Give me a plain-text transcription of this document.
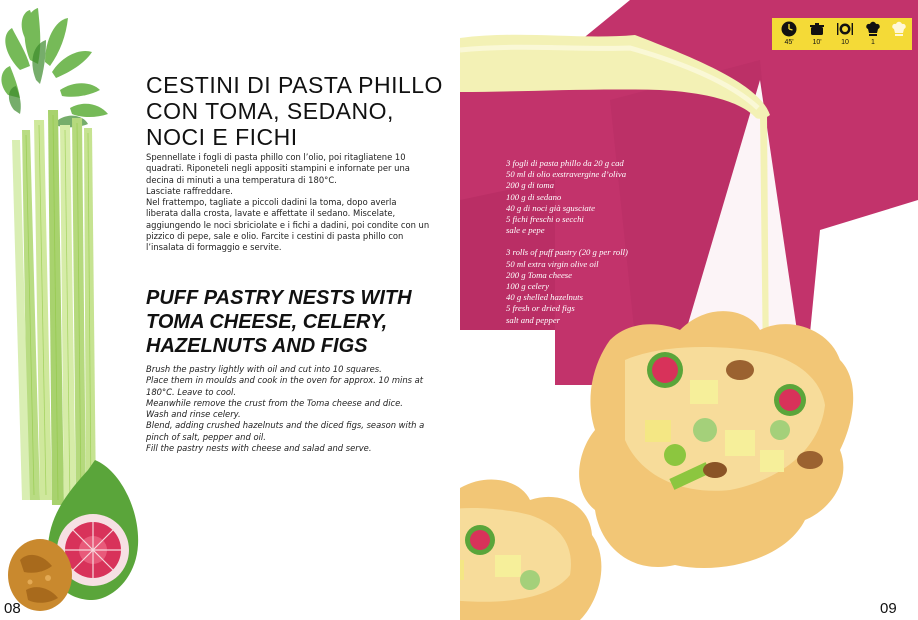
CESTINI DI PASTA PHILLO CON TOMA, SEDANO, NOCI E FICHI

Spennellate i fogli di pasta phillo con l’olio, poi ritagliatene 10 quadrati. Riponeteli negli appositi stampini e infornate per una decina di minuti a una temperatura di 180°C.

Lasciate raffreddare.

Nel frattempo, tagliate a piccoli dadini la toma, dopo averla liberata dalla crosta, lavate e affettate il sedano. Miscelate, aggiungendo le noci sbriciolate e i fichi a dadini, poi condite con un pizzico di pepe, sale e olio. Farcite i cestini di pasta phillo con l’insalata di formaggio e servite.

PUFF PASTRY NESTS WITH TOMA CHEESE, CELERY, HAZELNUTS AND FIGS

Brush the pastry lightly with oil and cut into 10 squares.

Place them in moulds and cook in the oven for approx. 10 mins at 180°C. Leave to cool.

Meanwhile remove the crust from the Toma cheese and dice.

Wash and rinse celery.

Blend, adding crushed hazelnuts and the diced figs, season with a pinch of salt, pepper and oil.

Fill the pastry nests with cheese and salad and serve.

45'	10'	10	1
3 fogli di pasta phillo da 20 g cad
50 ml di olio exstravergine d’oliva
200 g di toma
100 g di sedano
40 g di noci già sgusciate
5 fichi freschi o secchi
sale e pepe
3 rolls of puff pastry (20 g per roll)
50 ml extra virgin olive oil
200 g Toma cheese
100 g celery
40 g shelled hazelnuts
5 fresh or dried figs
salt and pepper
08	09
